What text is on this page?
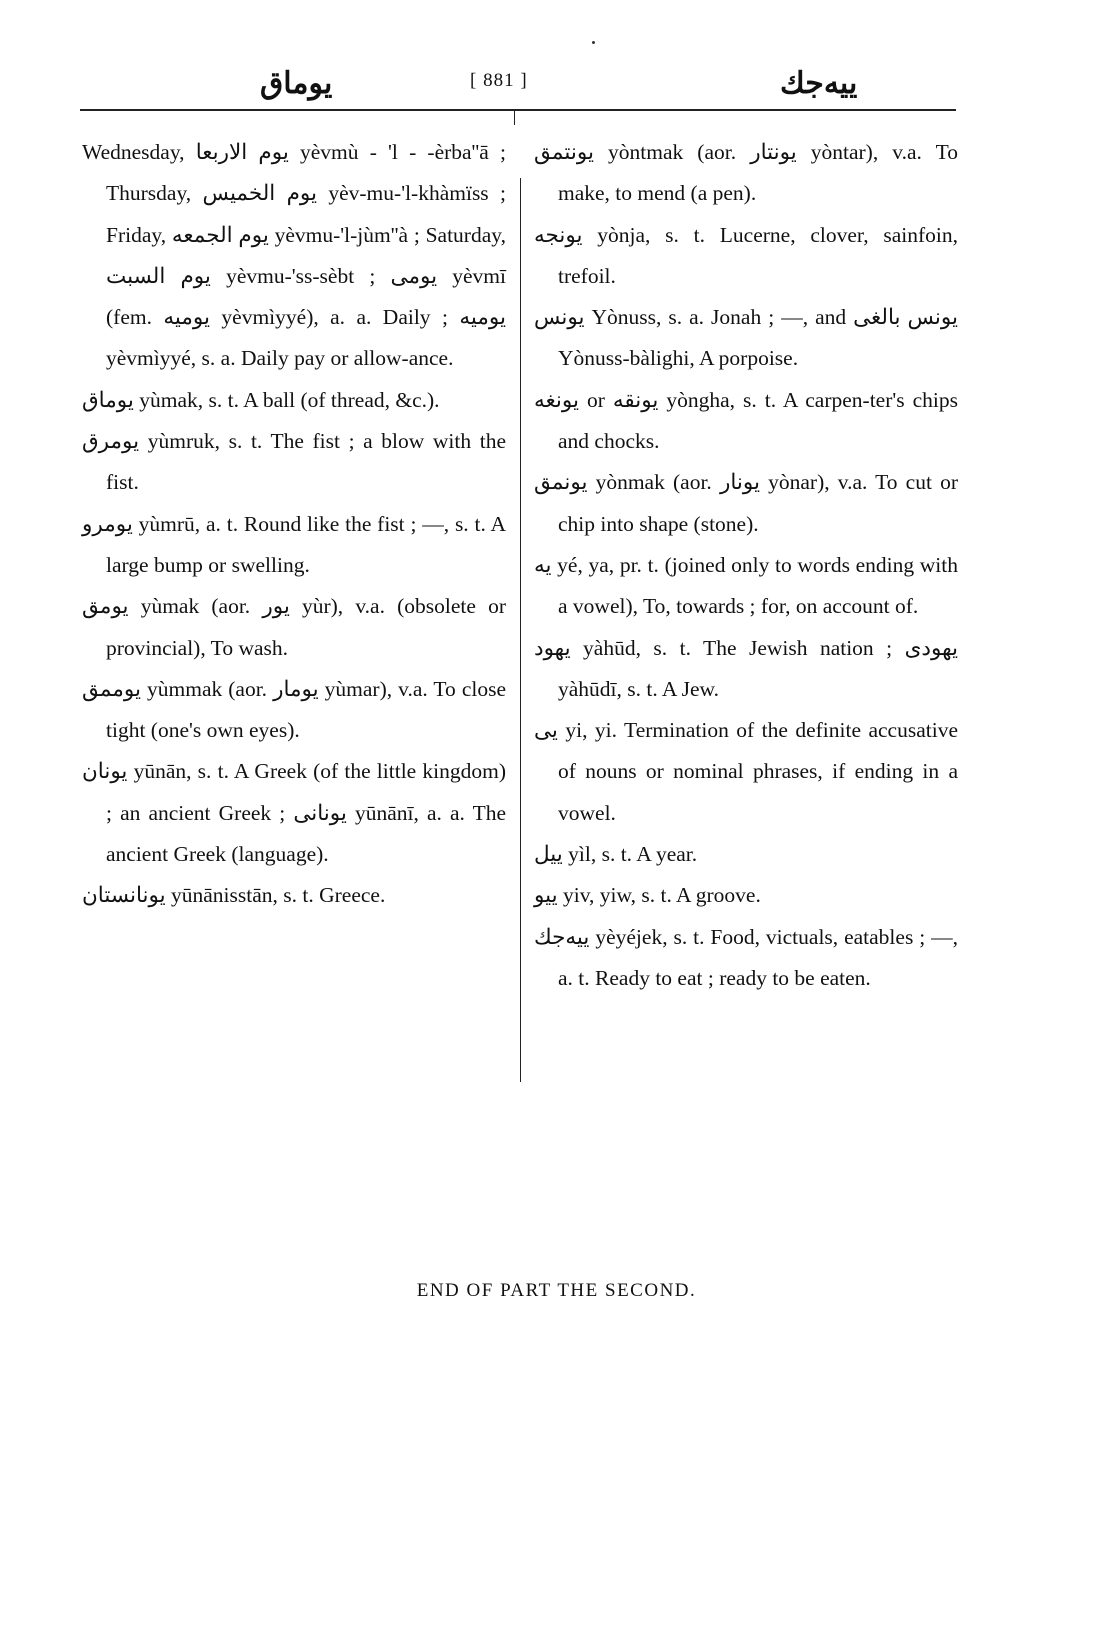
يوماق	[ 881 ]	ييه‌جك

Wednesday, يوم الاربعا yèvmù - 'l - -èrba''ā ; Thursday, يوم الخميس yèv-mu-'l-khàmïss ; Friday, يوم الجمعه yèvmu-'l-jùm''à ; Saturday, يوم السبت yèvmu-'ss-sèbt ; يومی yèvmī (fem. يوميه yèvmìyyé), a. a. Daily ; يوميه yèvmìyyé, s. a. Daily pay or allow-ance.

يوماق yùmak, s. t. A ball (of thread, &c.).

يومرق yùmruk, s. t. The fist ; a blow with the fist.

يومرو yùmrū, a. t. Round like the fist ; —, s. t. A large bump or swelling.

يومق yùmak (aor. يور yùr), v.a. (obsolete or provincial), To wash.

يوممق yùmmak (aor. يومار yùmar), v.a. To close tight (one's own eyes).

يونان yūnān, s. t. A Greek (of the little kingdom) ; an ancient Greek ; يونانی yūnānī, a. a. The ancient Greek (language).

يونانستان yūnānisstān, s. t. Greece.

يونتمق yòntmak (aor. يونتار yòntar), v.a. To make, to mend (a pen).

يونجه yònja, s. t. Lucerne, clover, sainfoin, trefoil.

يونس Yònuss, s. a. Jonah ; —, and يونس بالغی Yònuss-bàlighi, A porpoise.

يونغه or يونقه yòngha, s. t. A carpen-ter's chips and chocks.

يونمق yònmak (aor. يونار yònar), v.a. To cut or chip into shape (stone).

يه yé, ya, pr. t. (joined only to words ending with a vowel), To, towards ; for, on account of.

يهود yàhūd, s. t. The Jewish nation ; يهودی yàhūdī, s. t. A Jew.

يی yi, yi. Termination of the definite accusative of nouns or nominal phrases, if ending in a vowel.

ييل yìl, s. t. A year.

ييو yiv, yiw, s. t. A groove.

ييه‌جك yèyéjek, s. t. Food, victuals, eatables ; —, a. t. Ready to eat ; ready to be eaten.

END OF PART THE SECOND.
